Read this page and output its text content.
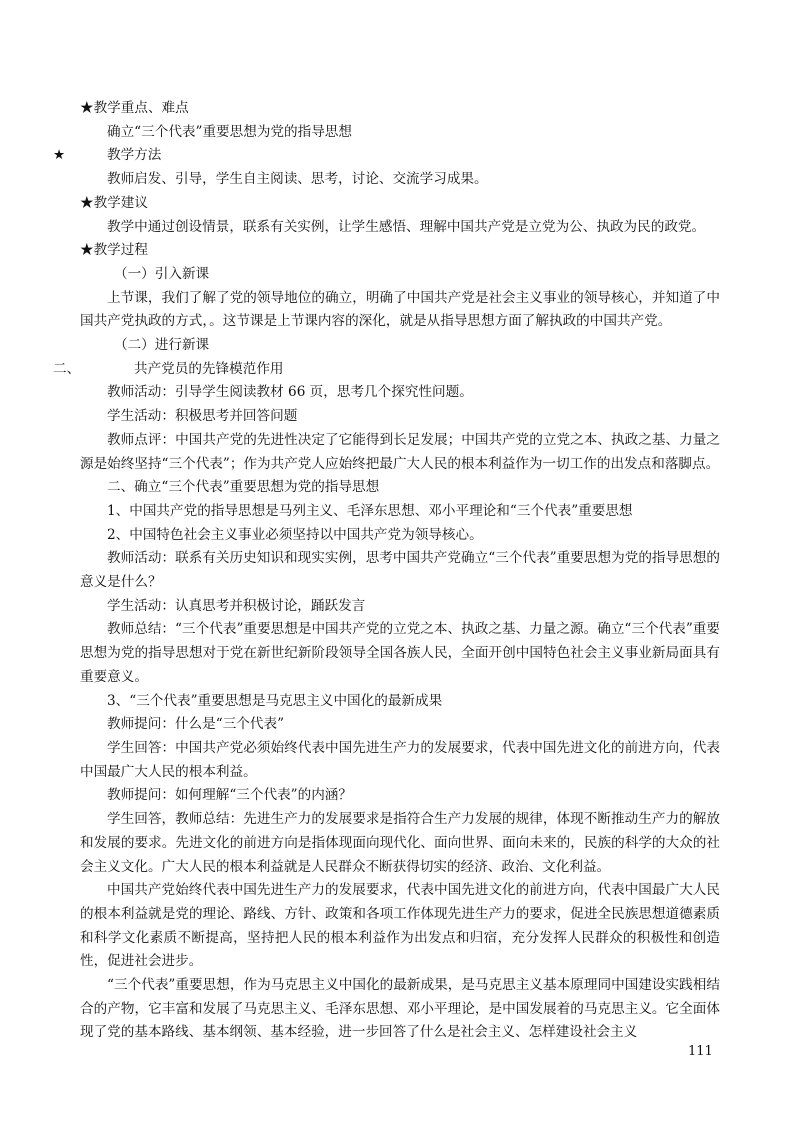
★教学重点、难点
确立“三个代表”重要思想为党的指导思想
★	教学方法
教师启发、引导，学生自主阅读、思考，讨论、交流学习成果。
★教学建议
教学中通过创设情景，联系有关实例，让学生感悟、理解中国共产党是立党为公、执政为民的政党。
★教学过程
（一）引入新课
上节课，我们了解了党的领导地位的确立，明确了中国共产党是社会主义事业的领导核心，并知道了中国共产党执政的方式，。这节课是上节课内容的深化，就是从指导思想方面了解执政的中国共产党。
（二）进行新课
二、	共产党员的先锋模范作用
教师活动：引导学生阅读教材 66 页，思考几个探究性问题。
学生活动：积极思考并回答问题
教师点评：中国共产党的先进性决定了它能得到长足发展；中国共产党的立党之本、执政之基、力量之源是始终坚持“三个代表”；作为共产党人应始终把最广大人民的根本利益作为一切工作的出发点和落脚点。
二、确立“三个代表”重要思想为党的指导思想
1、中国共产党的指导思想是马列主义、毛泽东思想、邓小平理论和“三个代表”重要思想
2、中国特色社会主义事业必须坚持以中国共产党为领导核心。
教师活动：联系有关历史知识和现实实例，思考中国共产党确立“三个代表”重要思想为党的指导思想的意义是什么？
学生活动：认真思考并积极讨论，踊跃发言
教师总结：“三个代表”重要思想是中国共产党的立党之本、执政之基、力量之源。确立“三个代表”重要思想为党的指导思想对于党在新世纪新阶段领导全国各族人民，全面开创中国特色社会主义事业新局面具有重要意义。
3、“三个代表”重要思想是马克思主义中国化的最新成果
教师提问：什么是“三个代表”
学生回答：中国共产党必须始终代表中国先进生产力的发展要求，代表中国先进文化的前进方向，代表中国最广大人民的根本利益。
教师提问：如何理解“三个代表”的内涵？
学生回答，教师总结：先进生产力的发展要求是指符合生产力发展的规律，体现不断推动生产力的解放和发展的要求。先进文化的前进方向是指体现面向现代化、面向世界、面向未来的，民族的科学的大众的社会主义文化。广大人民的根本利益就是人民群众不断获得切实的经济、政治、文化利益。
中国共产党始终代表中国先进生产力的发展要求，代表中国先进文化的前进方向，代表中国最广大人民的根本利益就是党的理论、路线、方针、政策和各项工作体现先进生产力的要求，促进全民族思想道德素质和科学文化素质不断提高，坚持把人民的根本利益作为出发点和归宿，充分发挥人民群众的积极性和创造性，促进社会进步。
“三个代表”重要思想，作为马克思主义中国化的最新成果，是马克思主义基本原理同中国建设实践相结合的产物，它丰富和发展了马克思主义、毛泽东思想、邓小平理论，是中国发展着的马克思主义。它全面体现了党的基本路线、基本纲领、基本经验，进一步回答了什么是社会主义、怎样建设社会主义
111
